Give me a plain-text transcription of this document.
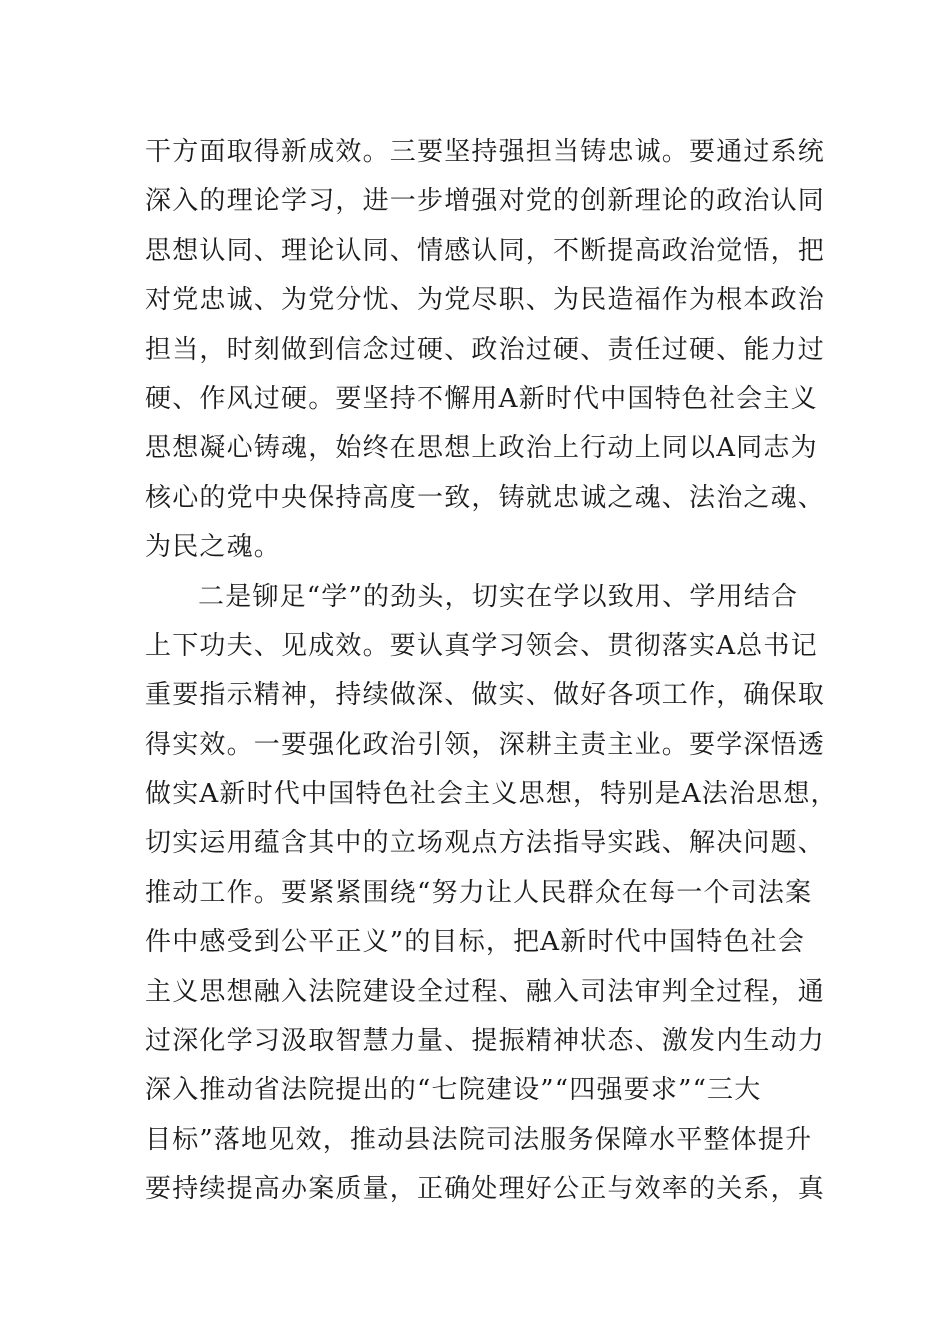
干方面取得新成效。三要坚持强担当铸忠诚。要通过系统
深入的理论学习，进一步增强对党的创新理论的政治认同
思想认同、理论认同、情感认同，不断提高政治觉悟，把
对党忠诚、为党分忧、为党尽职、为民造福作为根本政治
担当，时刻做到信念过硬、政治过硬、责任过硬、能力过
硬、作风过硬。要坚持不懈用A新时代中国特色社会主义
思想凝心铸魂，始终在思想上政治上行动上同以A同志为
核心的党中央保持高度一致，铸就忠诚之魂、法治之魂、
为民之魂。
二是铆足“学”的劲头，切实在学以致用、学用结合
上下功夫、见成效。要认真学习领会、贯彻落实A总书记
重要指示精神，持续做深、做实、做好各项工作，确保取
得实效。一要强化政治引领，深耕主责主业。要学深悟透
做实A新时代中国特色社会主义思想，特别是A法治思想，
切实运用蕴含其中的立场观点方法指导实践、解决问题、
推动工作。要紧紧围绕“努力让人民群众在每一个司法案
件中感受到公平正义”的目标，把A新时代中国特色社会
主义思想融入法院建设全过程、融入司法审判全过程，通
过深化学习汲取智慧力量、提振精神状态、激发内生动力
深入推动省法院提出的“七院建设”“四强要求”“三大
目标”落地见效，推动县法院司法服务保障水平整体提升
要持续提高办案质量，正确处理好公正与效率的关系，真
